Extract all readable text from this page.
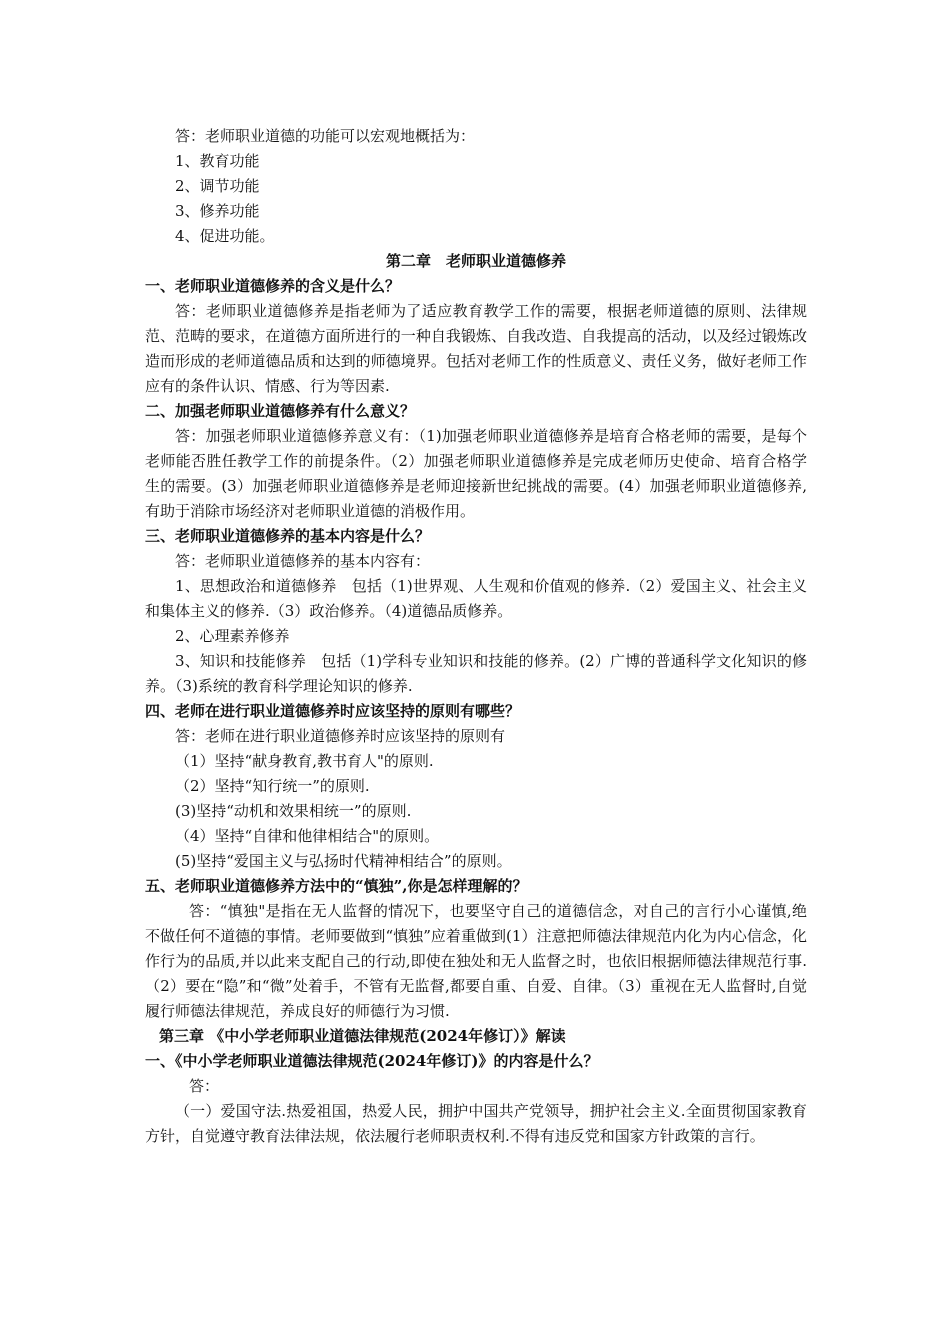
答：老师职业道德的功能可以宏观地概括为：

1、教育功能

2、调节功能

3、修养功能

4、促进功能。

第二章　老师职业道德修养

一、老师职业道德修养的含义是什么？

答：老师职业道德修养是指老师为了适应教育教学工作的需要，根据老师道德的原则、法律规范、范畴的要求，在道德方面所进行的一种自我锻炼、自我改造、自我提高的活动，以及经过锻炼改造而形成的老师道德品质和达到的师德境界。包括对老师工作的性质意义、责任义务，做好老师工作应有的条件认识、情感、行为等因素.

二、加强老师职业道德修养有什么意义？

答：加强老师职业道德修养意义有：（1)加强老师职业道德修养是培育合格老师的需要，是每个老师能否胜任教学工作的前提条件。（2）加强老师职业道德修养是完成老师历史使命、培育合格学生的需要。(3）加强老师职业道德修养是老师迎接新世纪挑战的需要。(4）加强老师职业道德修养,有助于消除市场经济对老师职业道德的消极作用。

三、老师职业道德修养的基本内容是什么？

答：老师职业道德修养的基本内容有：

1、思想政治和道德修养　包括（1)世界观、人生观和价值观的修养.（2）爱国主义、社会主义和集体主义的修养.（3）政治修养。（4)道德品质修养。

2、心理素养修养

3、知识和技能修养　包括（1)学科专业知识和技能的修养。(2）广博的普通科学文化知识的修养。（3)系统的教育科学理论知识的修养.

四、老师在进行职业道德修养时应该坚持的原则有哪些？

答：老师在进行职业道德修养时应该坚持的原则有

（1）坚持“献身教育,教书育人"的原则.

（2）坚持“知行统一”的原则.

(3)坚持“动机和效果相统一”的原则.

（4）坚持“自律和他律相结合"的原则。

(5)坚持“爱国主义与弘扬时代精神相结合”的原则。

五、老师职业道德修养方法中的“慎独”,你是怎样理解的？

答：“慎独"是指在无人监督的情况下，也要坚守自己的道德信念，对自己的言行小心谨慎,绝不做任何不道德的事情。老师要做到“慎独”应着重做到(1）注意把师德法律规范内化为内心信念，化作行为的品质,并以此来支配自己的行动,即使在独处和无人监督之时，也依旧根据师德法律规范行事.（2）要在“隐”和“微”处着手，不管有无监督,都要自重、自爱、自律。（3）重视在无人监督时,自觉履行师德法律规范，养成良好的师德行为习惯.

第三章 《中小学老师职业道德法律规范(2024年修订）》解读

一、《中小学老师职业道德法律规范(2024年修订)》的内容是什么？

答：

（一）爱国守法.热爱祖国，热爱人民，拥护中国共产党领导，拥护社会主义.全面贯彻国家教育方针，自觉遵守教育法律法规，依法履行老师职责权利.不得有违反党和国家方针政策的言行。
